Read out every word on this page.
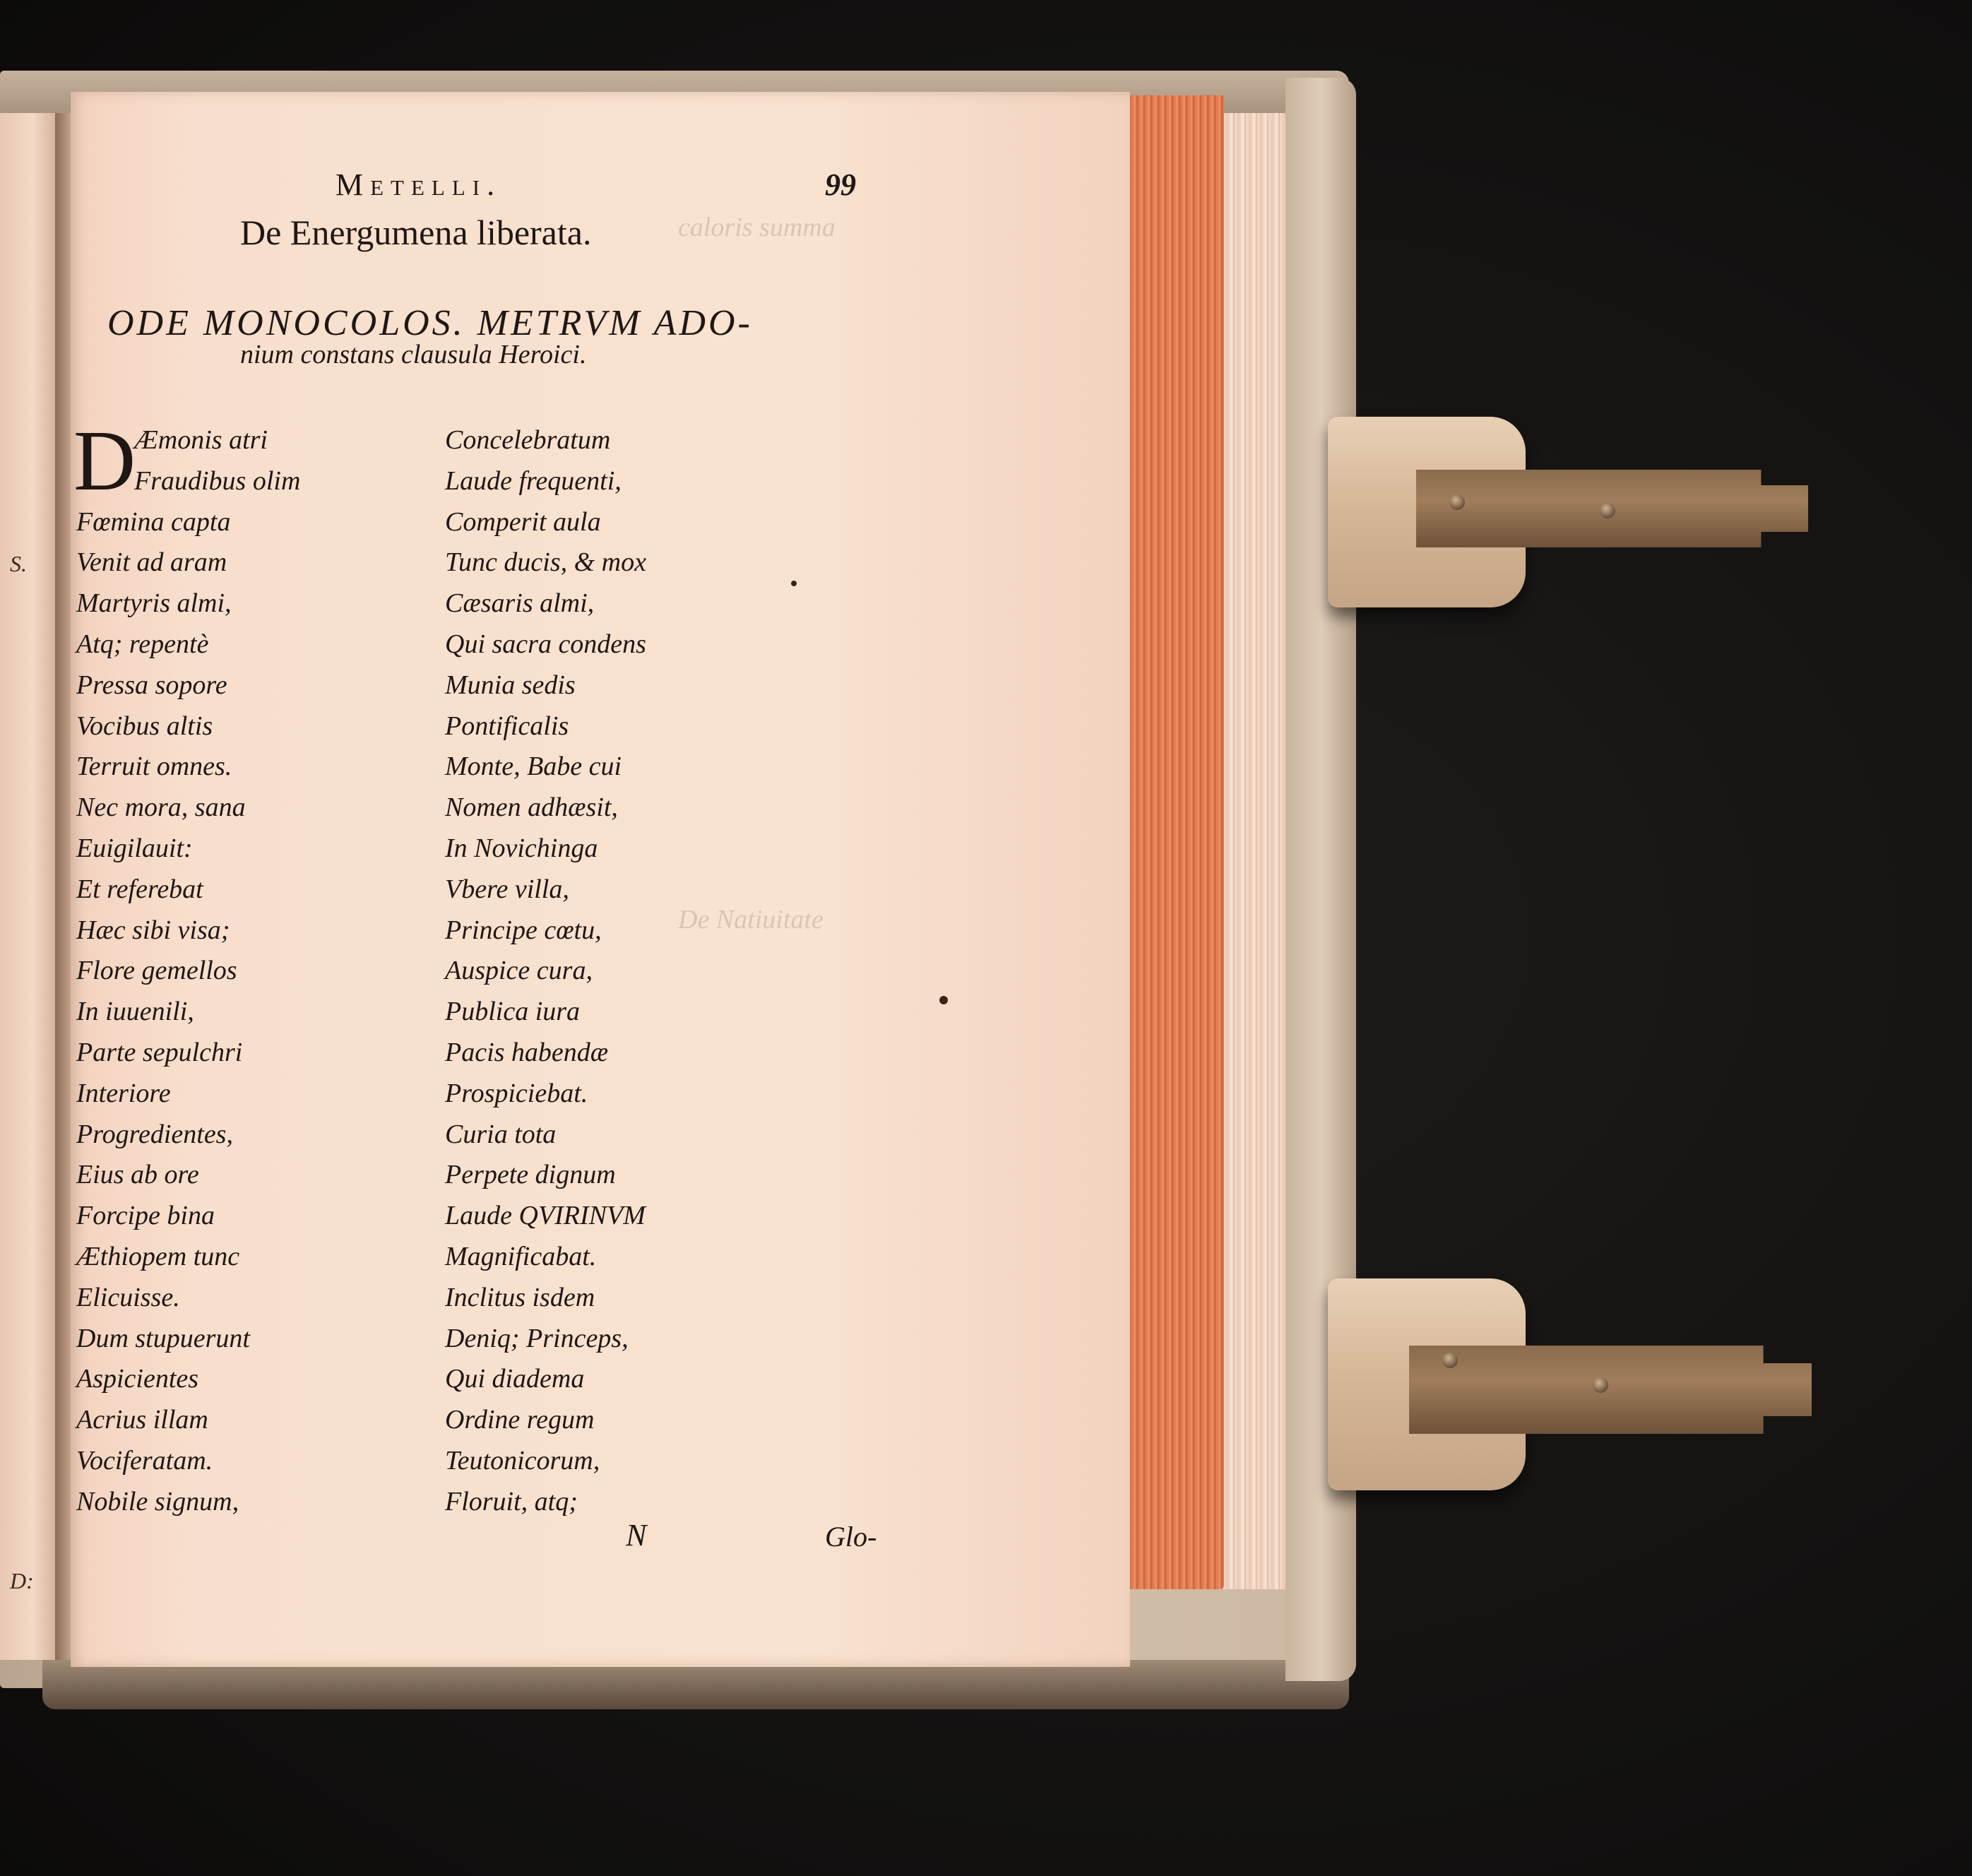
S.
D:
caloris summa
De Natiuitate
Metelli.	99
De Energumena liberata.
ODE MONOCOLOS. METRVM ADO-
nium constans clausula Heroici.
D
Æmonis atri
Fraudibus olim
Fœmina capta
Venit ad aram
Martyris almi,
Atq; repentè
Pressa sopore
Vocibus altis
Terruit omnes.
Nec mora, sana
Euigilauit:
Et referebat
Hæc sibi visa;
Flore gemellos
In iuuenili,
Parte sepulchri
Interiore
Progredientes,
Eius ab ore
Forcipe bina
Æthiopem tunc
Elicuisse.
Dum stupuerunt
Aspicientes
Acrius illam
Vociferatam.
Nobile signum,
Concelebratum
Laude frequenti,
Comperit aula
Tunc ducis, & mox
Cæsaris almi,
Qui sacra condens
Munia sedis
Pontificalis
Monte, Babe cui
Nomen adhæsit,
In Novichinga
Vbere villa,
Principe cœtu,
Auspice cura,
Publica iura
Pacis habendæ
Prospiciebat.
Curia tota
Perpete dignum
Laude QVIRINVM
Magnificabat.
Inclitus isdem
Deniq; Princeps,
Qui diadema
Ordine regum
Teutonicorum,
Floruit, atq;
N	Glo-
